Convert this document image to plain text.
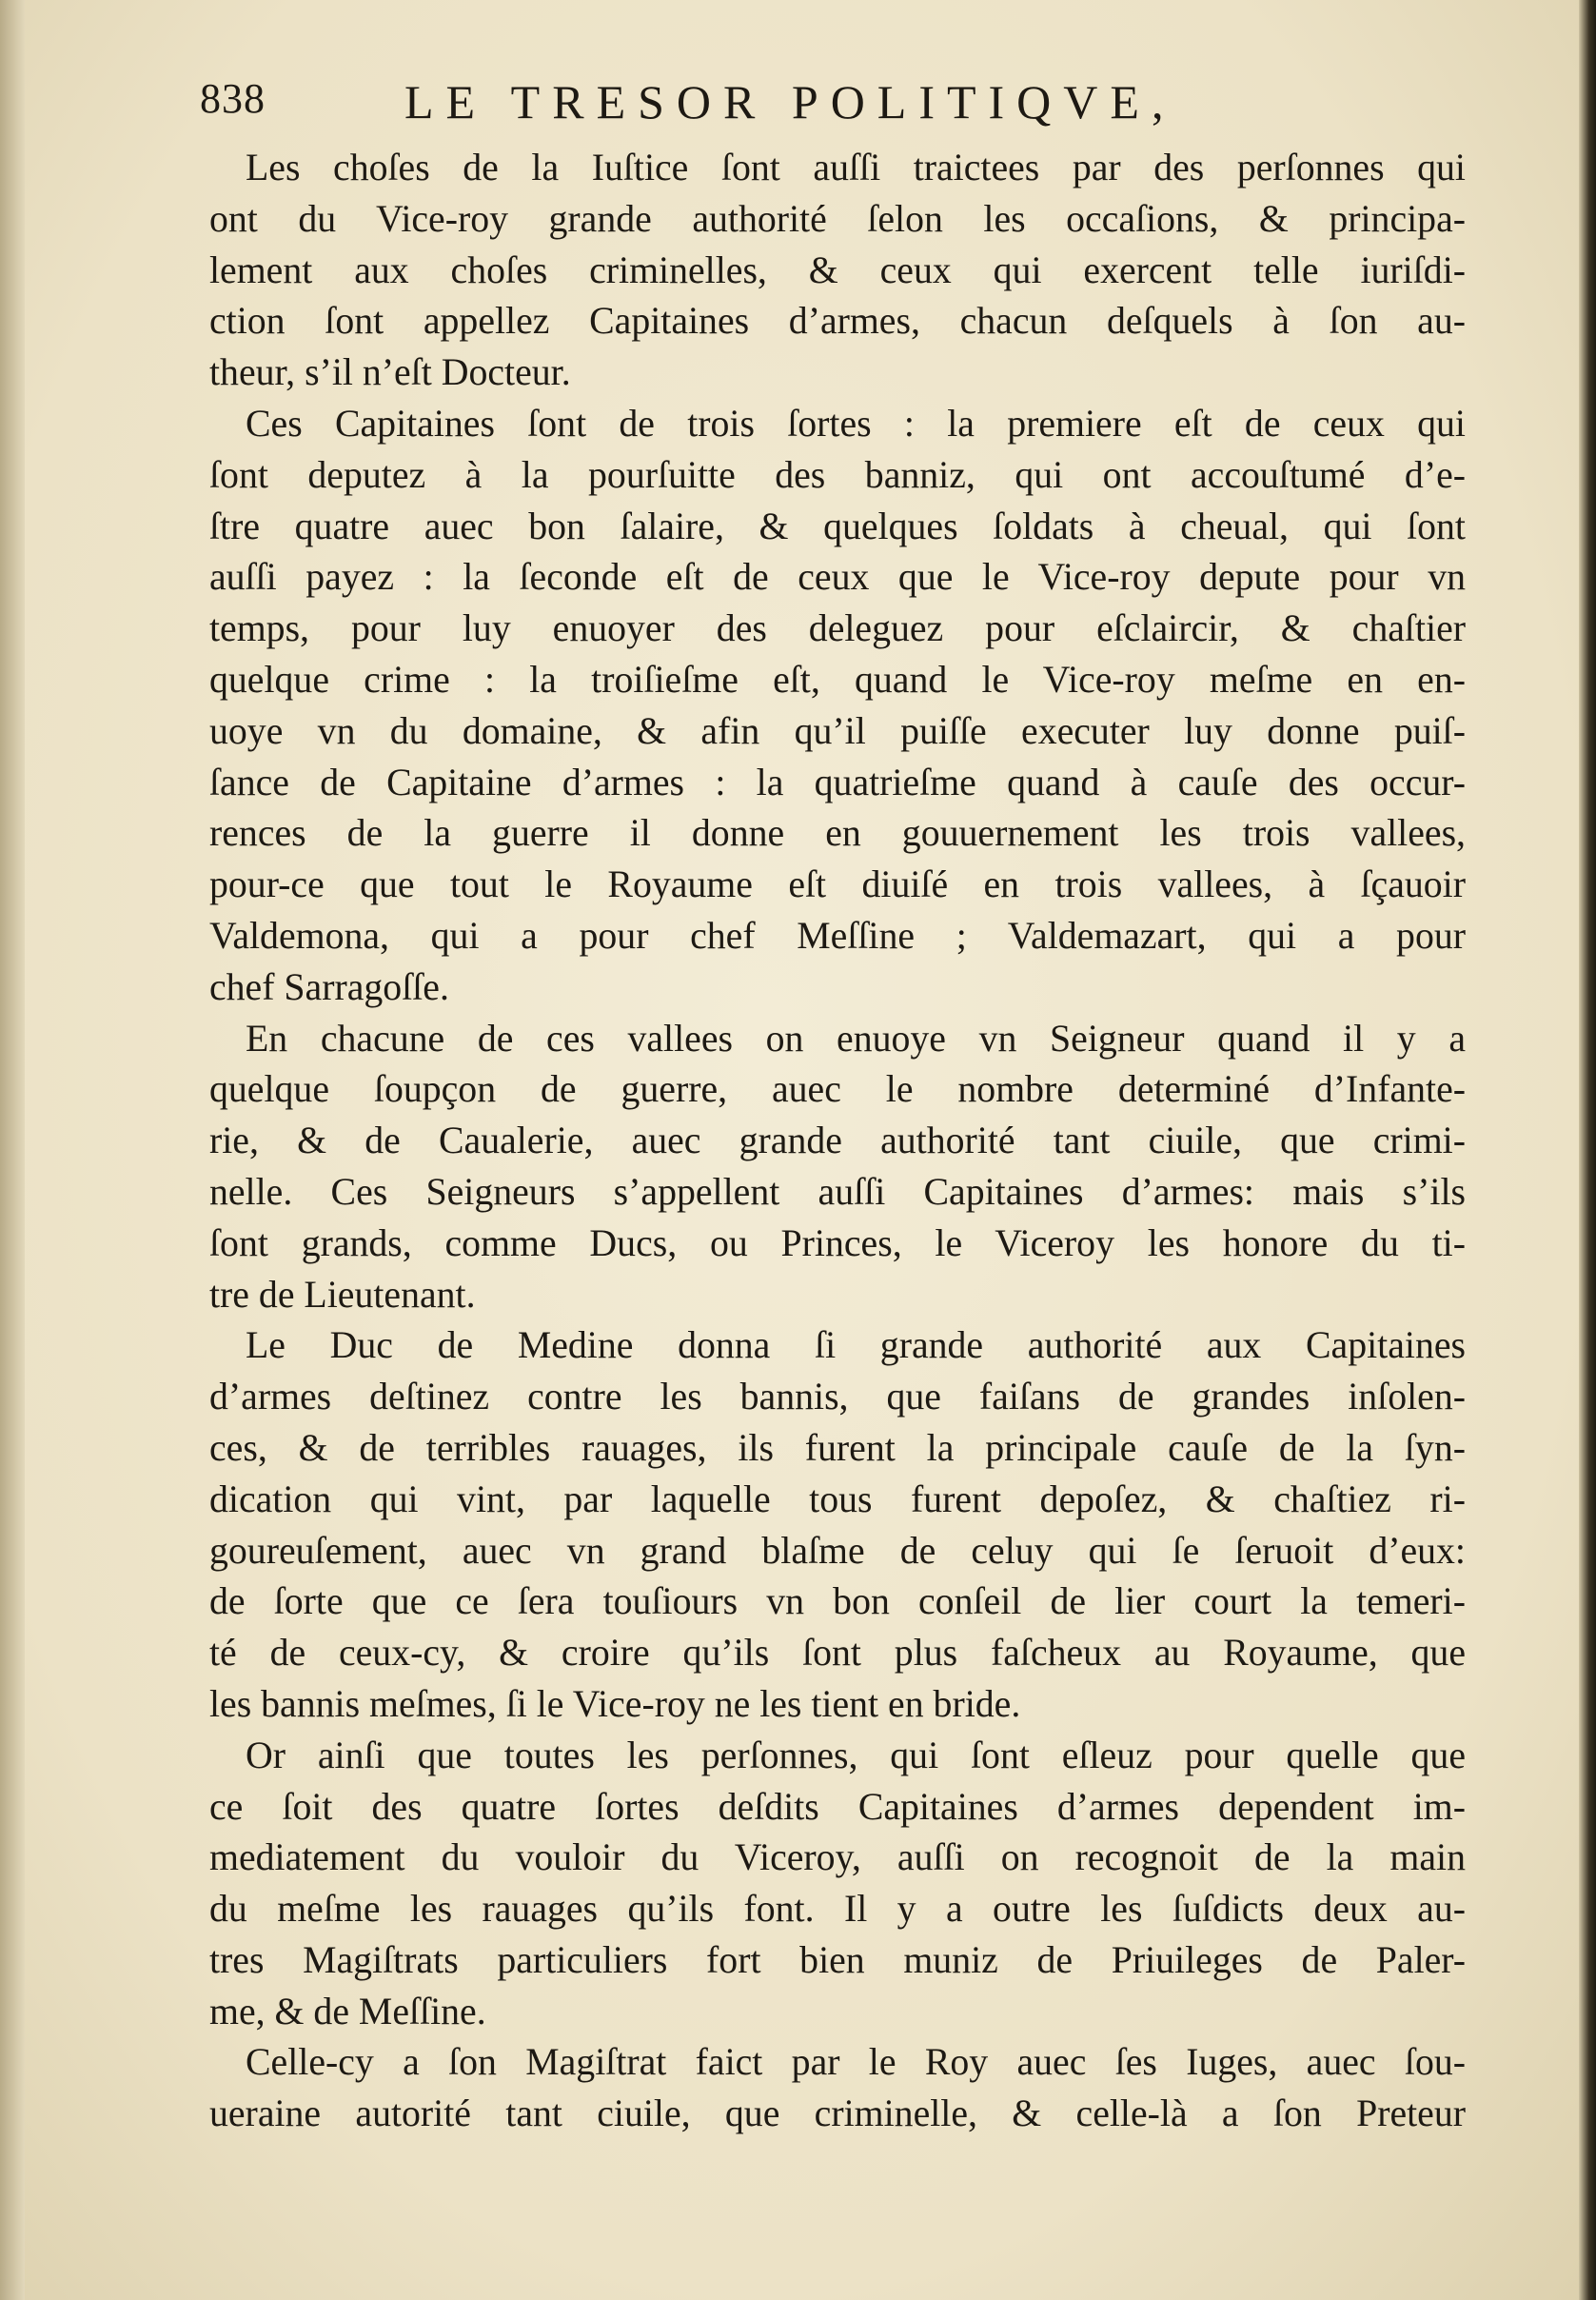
838	LE TRESOR POLITIQVE,
Les choſes de la Iuſtice ſont auſſi traictees par des perſonnes qui
ont du Vice-roy grande authorité ſelon les occaſions, & principa-
lement aux choſes criminelles, & ceux qui exercent telle iuriſdi-
ction ſont appellez Capitaines d’armes, chacun deſquels à ſon au-
theur, s’il n’eſt Docteur.
Ces Capitaines ſont de trois ſortes : la premiere eſt de ceux qui
ſont deputez à la pourſuitte des banniz, qui ont accouſtumé d’e-
ſtre quatre auec bon ſalaire, & quelques ſoldats à cheual, qui ſont
auſſi payez : la ſeconde eſt de ceux que le Vice-roy depute pour vn
temps, pour luy enuoyer des deleguez pour eſclaircir, & chaſtier
quelque crime : la troiſieſme eſt, quand le Vice-roy meſme en en-
uoye vn du domaine, & afin qu’il puiſſe executer luy donne puiſ-
ſance de Capitaine d’armes : la quatrieſme quand à cauſe des occur-
rences de la guerre il donne en gouuernement les trois vallees,
pour-ce que tout le Royaume eſt diuiſé en trois vallees, à ſçauoir
Valdemona, qui a pour chef Meſſine ; Valdemazart, qui a pour
chef Sarragoſſe.
En chacune de ces vallees on enuoye vn Seigneur quand il y a
quelque ſoupçon de guerre, auec le nombre determiné d’Infante-
rie, & de Caualerie, auec grande authorité tant ciuile, que crimi-
nelle. Ces Seigneurs s’appellent auſſi Capitaines d’armes: mais s’ils
ſont grands, comme Ducs, ou Princes, le Viceroy les honore du ti-
tre de Lieutenant.
Le Duc de Medine donna ſi grande authorité aux Capitaines
d’armes deſtinez contre les bannis, que faiſans de grandes inſolen-
ces, & de terribles rauages, ils furent la principale cauſe de la ſyn-
dication qui vint, par laquelle tous furent depoſez, & chaſtiez ri-
goureuſement, auec vn grand blaſme de celuy qui ſe ſeruoit d’eux:
de ſorte que ce ſera touſiours vn bon conſeil de lier court la temeri-
té de ceux-cy, & croire qu’ils ſont plus faſcheux au Royaume, que
les bannis meſmes, ſi le Vice-roy ne les tient en bride.
Or ainſi que toutes les perſonnes, qui ſont eſleuz pour quelle que
ce ſoit des quatre ſortes deſdits Capitaines d’armes dependent im-
mediatement du vouloir du Viceroy, auſſi on recognoit de la main
du meſme les rauages qu’ils font. Il y a outre les ſuſdicts deux au-
tres Magiſtrats particuliers fort bien muniz de Priuileges de Paler-
me, & de Meſſine.
Celle-cy a ſon Magiſtrat faict par le Roy auec ſes Iuges, auec ſou-
ueraine autorité tant ciuile, que criminelle, & celle-là a ſon Preteur
